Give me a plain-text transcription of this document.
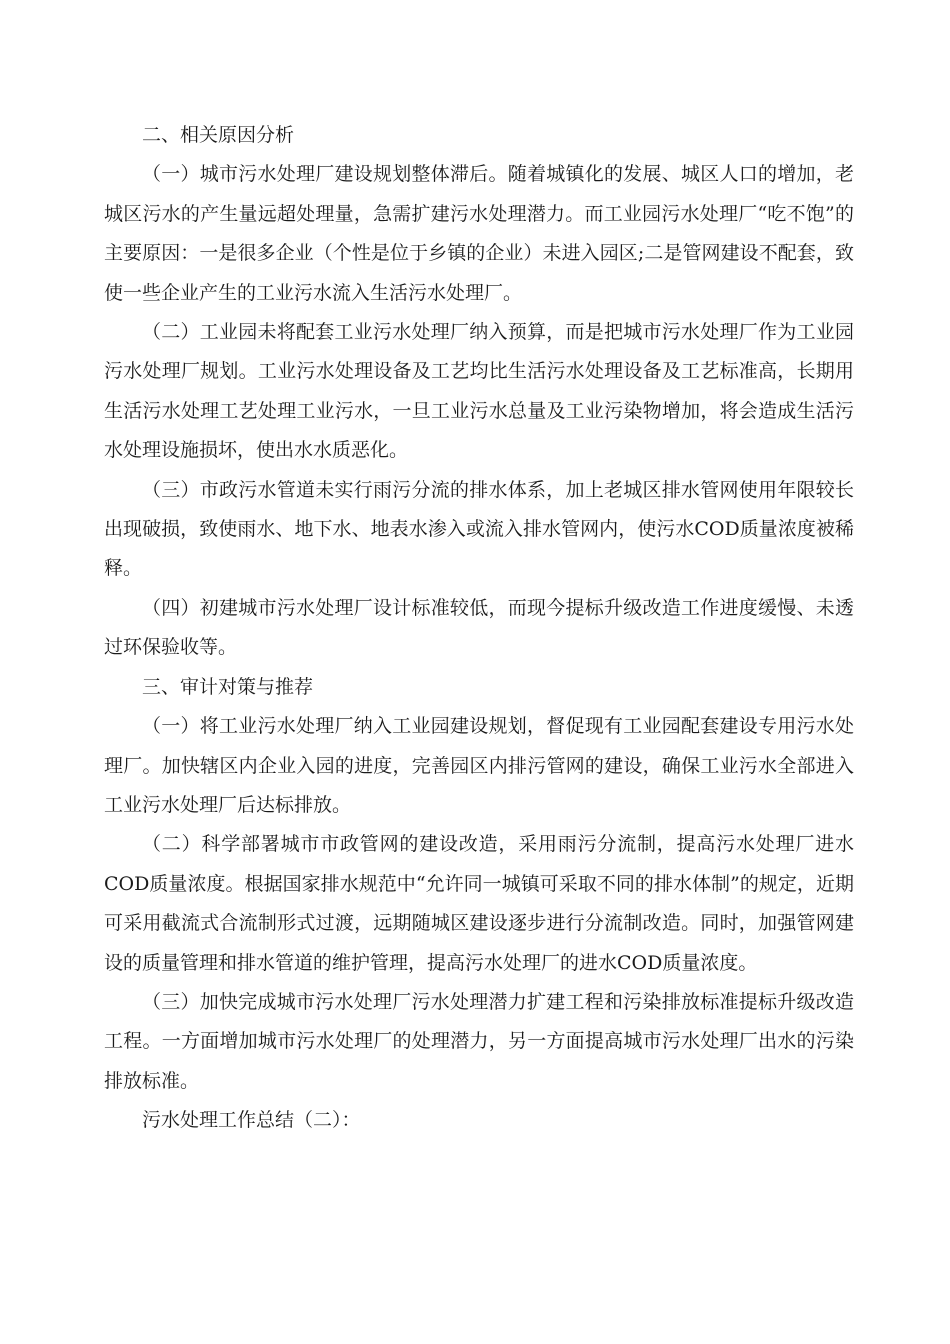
二、相关原因分析

（一）城市污水处理厂建设规划整体滞后。随着城镇化的发展、城区人口的增加，老城区污水的产生量远超处理量，急需扩建污水处理潜力。而工业园污水处理厂“吃不饱”的主要原因：一是很多企业（个性是位于乡镇的企业）未进入园区;二是管网建设不配套，致使一些企业产生的工业污水流入生活污水处理厂。

（二）工业园未将配套工业污水处理厂纳入预算，而是把城市污水处理厂作为工业园污水处理厂规划。工业污水处理设备及工艺均比生活污水处理设备及工艺标准高，长期用生活污水处理工艺处理工业污水，一旦工业污水总量及工业污染物增加，将会造成生活污水处理设施损坏，使出水水质恶化。

（三）市政污水管道未实行雨污分流的排水体系，加上老城区排水管网使用年限较长出现破损，致使雨水、地下水、地表水渗入或流入排水管网内，使污水COD质量浓度被稀释。

（四）初建城市污水处理厂设计标准较低，而现今提标升级改造工作进度缓慢、未透过环保验收等。

三、审计对策与推荐

（一）将工业污水处理厂纳入工业园建设规划，督促现有工业园配套建设专用污水处理厂。加快辖区内企业入园的进度，完善园区内排污管网的建设，确保工业污水全部进入工业污水处理厂后达标排放。

（二）科学部署城市市政管网的建设改造，采用雨污分流制，提高污水处理厂进水COD质量浓度。根据国家排水规范中“允许同一城镇可采取不同的排水体制”的规定，近期可采用截流式合流制形式过渡，远期随城区建设逐步进行分流制改造。同时，加强管网建设的质量管理和排水管道的维护管理，提高污水处理厂的进水COD质量浓度。

（三）加快完成城市污水处理厂污水处理潜力扩建工程和污染排放标准提标升级改造工程。一方面增加城市污水处理厂的处理潜力，另一方面提高城市污水处理厂出水的污染排放标准。

污水处理工作总结（二）：
